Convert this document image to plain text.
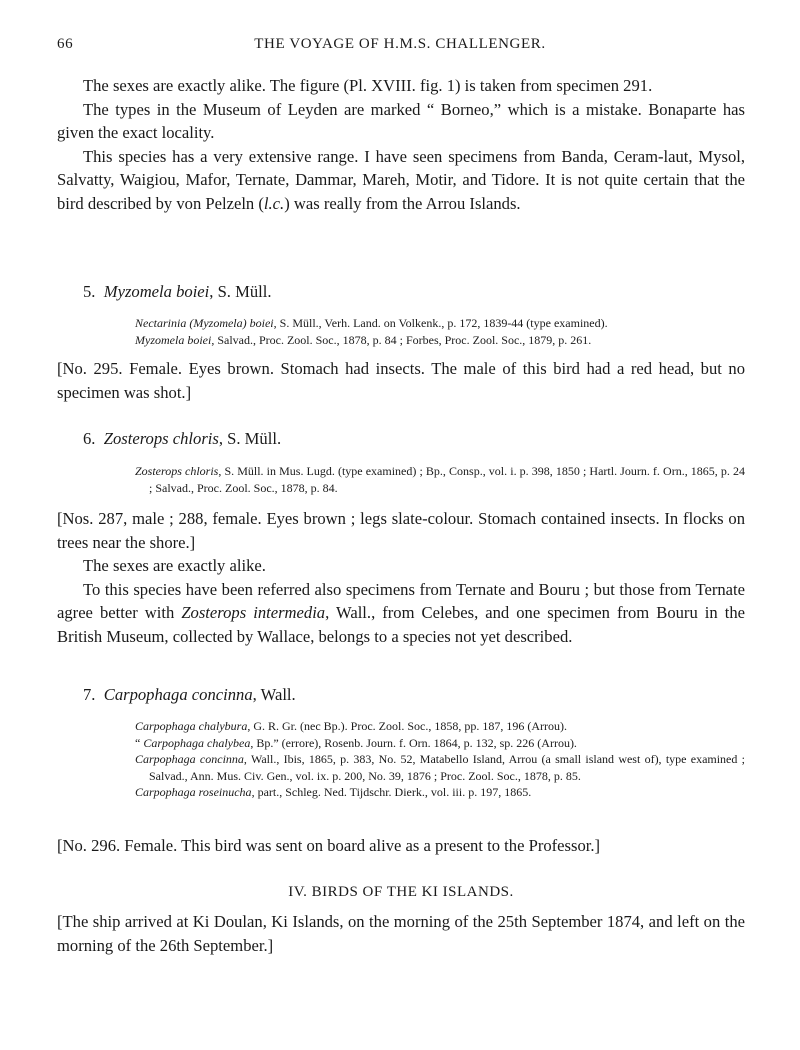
66	THE VOYAGE OF H.M.S. CHALLENGER.

The sexes are exactly alike. The figure (Pl. XVIII. fig. 1) is taken from specimen 291.

The types in the Museum of Leyden are marked “ Borneo,” which is a mistake. Bonaparte has given the exact locality.

This species has a very extensive range. I have seen specimens from Banda, Ceram-laut, Mysol, Salvatty, Waigiou, Mafor, Ternate, Dammar, Mareh, Motir, and Tidore. It is not quite certain that the bird described by von Pelzeln (l.c.) was really from the Arrou Islands.

5. Myzomela boiei, S. Müll.

Nectarinia (Myzomela) boiei, S. Müll., Verh. Land. on Volkenk., p. 172, 1839-44 (type examined).

Myzomela boiei, Salvad., Proc. Zool. Soc., 1878, p. 84 ; Forbes, Proc. Zool. Soc., 1879, p. 261.

[No. 295. Female. Eyes brown. Stomach had insects. The male of this bird had a red head, but no specimen was shot.]

6. Zosterops chloris, S. Müll.

Zosterops chloris, S. Müll. in Mus. Lugd. (type examined) ; Bp., Consp., vol. i. p. 398, 1850 ; Hartl. Journ. f. Orn., 1865, p. 24 ; Salvad., Proc. Zool. Soc., 1878, p. 84.

[Nos. 287, male ; 288, female. Eyes brown ; legs slate-colour. Stomach contained insects. In flocks on trees near the shore.]

The sexes are exactly alike.

To this species have been referred also specimens from Ternate and Bouru ; but those from Ternate agree better with Zosterops intermedia, Wall., from Celebes, and one specimen from Bouru in the British Museum, collected by Wallace, belongs to a species not yet described.

7. Carpophaga concinna, Wall.

Carpophaga chalybura, G. R. Gr. (nec Bp.). Proc. Zool. Soc., 1858, pp. 187, 196 (Arrou).

“ Carpophaga chalybea, Bp.” (errore), Rosenb. Journ. f. Orn. 1864, p. 132, sp. 226 (Arrou).

Carpophaga concinna, Wall., Ibis, 1865, p. 383, No. 52, Matabello Island, Arrou (a small island west of), type examined ; Salvad., Ann. Mus. Civ. Gen., vol. ix. p. 200, No. 39, 1876 ; Proc. Zool. Soc., 1878, p. 85.

Carpophaga roseinucha, part., Schleg. Ned. Tijdschr. Dierk., vol. iii. p. 197, 1865.

[No. 296. Female. This bird was sent on board alive as a present to the Professor.]

IV. BIRDS OF THE KI ISLANDS.

[The ship arrived at Ki Doulan, Ki Islands, on the morning of the 25th September 1874, and left on the morning of the 26th September.]
